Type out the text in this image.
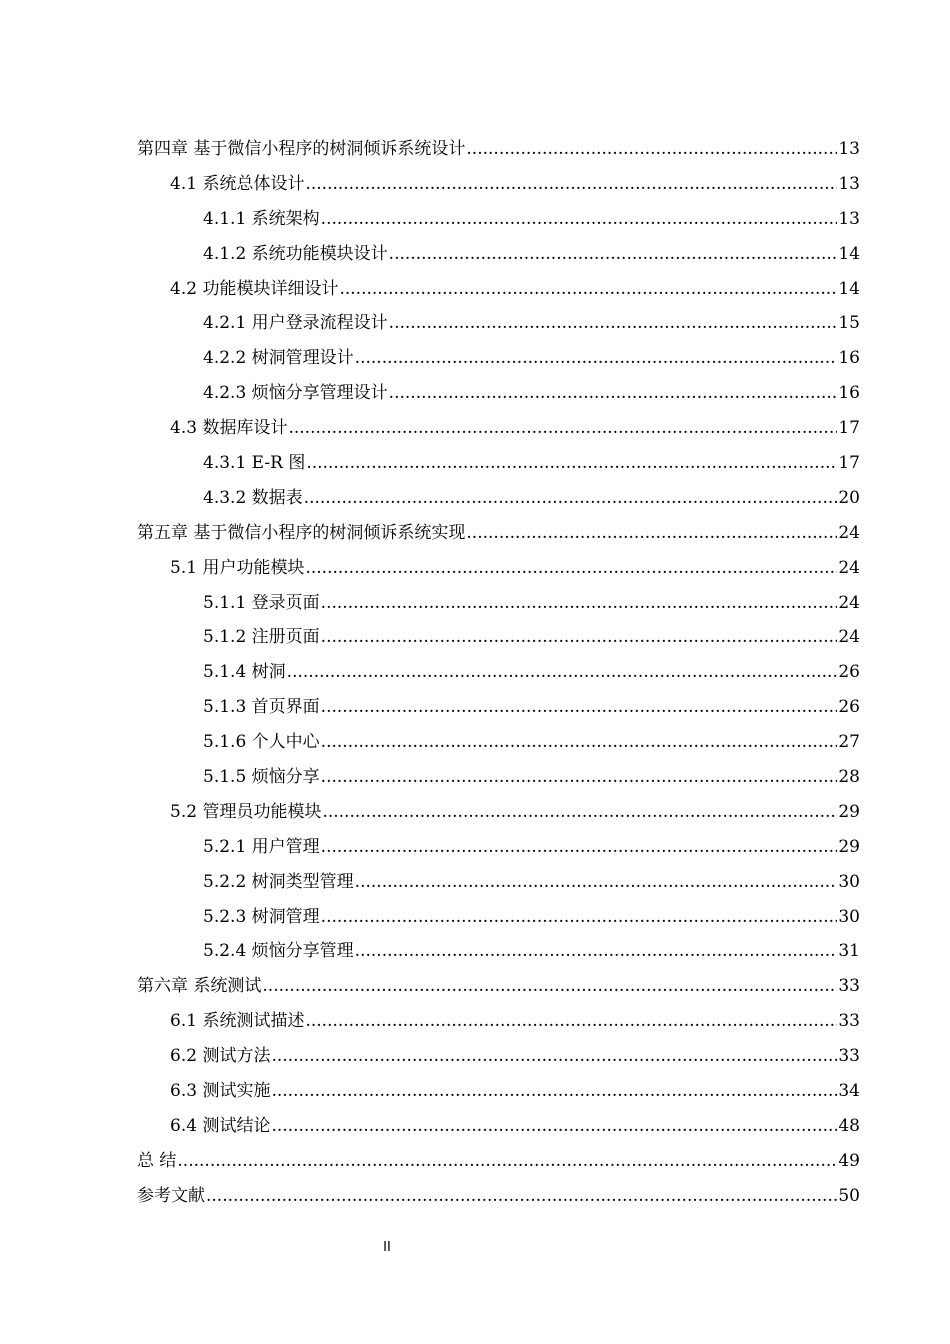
第四章 基于微信小程序的树洞倾诉系统设计 .....	13
4.1 系统总体设计 .....	13
4.1.1 系统架构 .....	13
4.1.2 系统功能模块设计 .....	14
4.2 功能模块详细设计 .....	14
4.2.1 用户登录流程设计 .....	15
4.2.2 树洞管理设计 .....	16
4.2.3 烦恼分享管理设计 .....	16
4.3 数据库设计 .....	17
4.3.1 E-R 图 .....	17
4.3.2 数据表 .....	20
第五章 基于微信小程序的树洞倾诉系统实现 .....	24
5.1 用户功能模块 .....	24
5.1.1 登录页面 .....	24
5.1.2 注册页面 .....	24
5.1.4 树洞 .....	26
5.1.3 首页界面 .....	26
5.1.6 个人中心 .....	27
5.1.5 烦恼分享 .....	28
5.2 管理员功能模块 .....	29
5.2.1 用户管理 .....	29
5.2.2 树洞类型管理 .....	30
5.2.3 树洞管理 .....	30
5.2.4 烦恼分享管理 .....	31
第六章 系统测试 .....	33
6.1 系统测试描述 .....	33
6.2 测试方法 .....	33
6.3 测试实施 .....	34
6.4 测试结论 .....	48
总 结 .....	49
参考文献 .....	50
II
